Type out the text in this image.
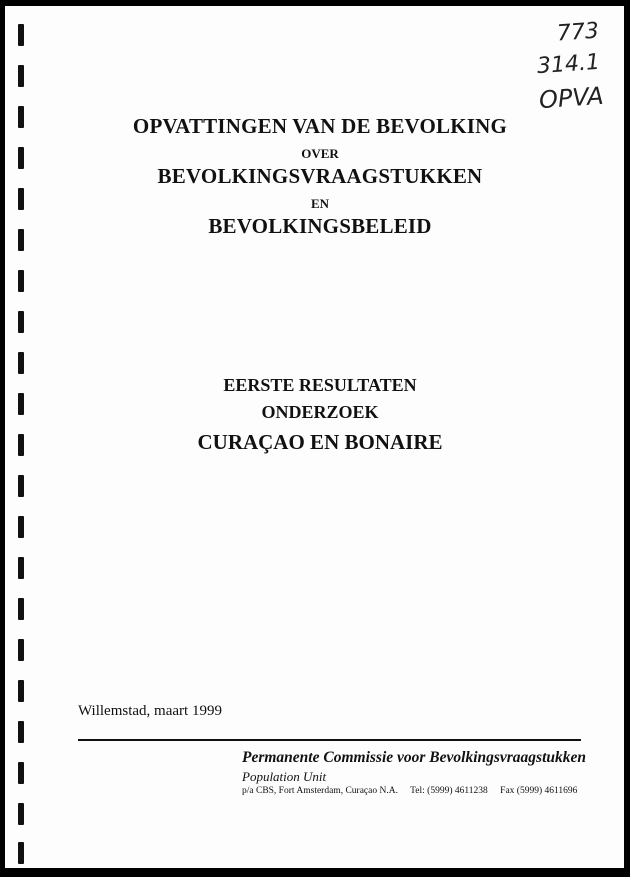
773
314.1
OPVA
OPVATTINGEN VAN DE BEVOLKING
OVER
BEVOLKINGSVRAAGSTUKKEN
EN
BEVOLKINGSBELEID
EERSTE RESULTATEN
ONDERZOEK
CURAÇAO EN BONAIRE
Willemstad, maart 1999
Permanente Commissie voor Bevolkingsvraagstukken
Population Unit
p/a CBS, Fort Amsterdam, Curaçao N.A. Tel: (5999) 4611238 Fax (5999) 4611696
